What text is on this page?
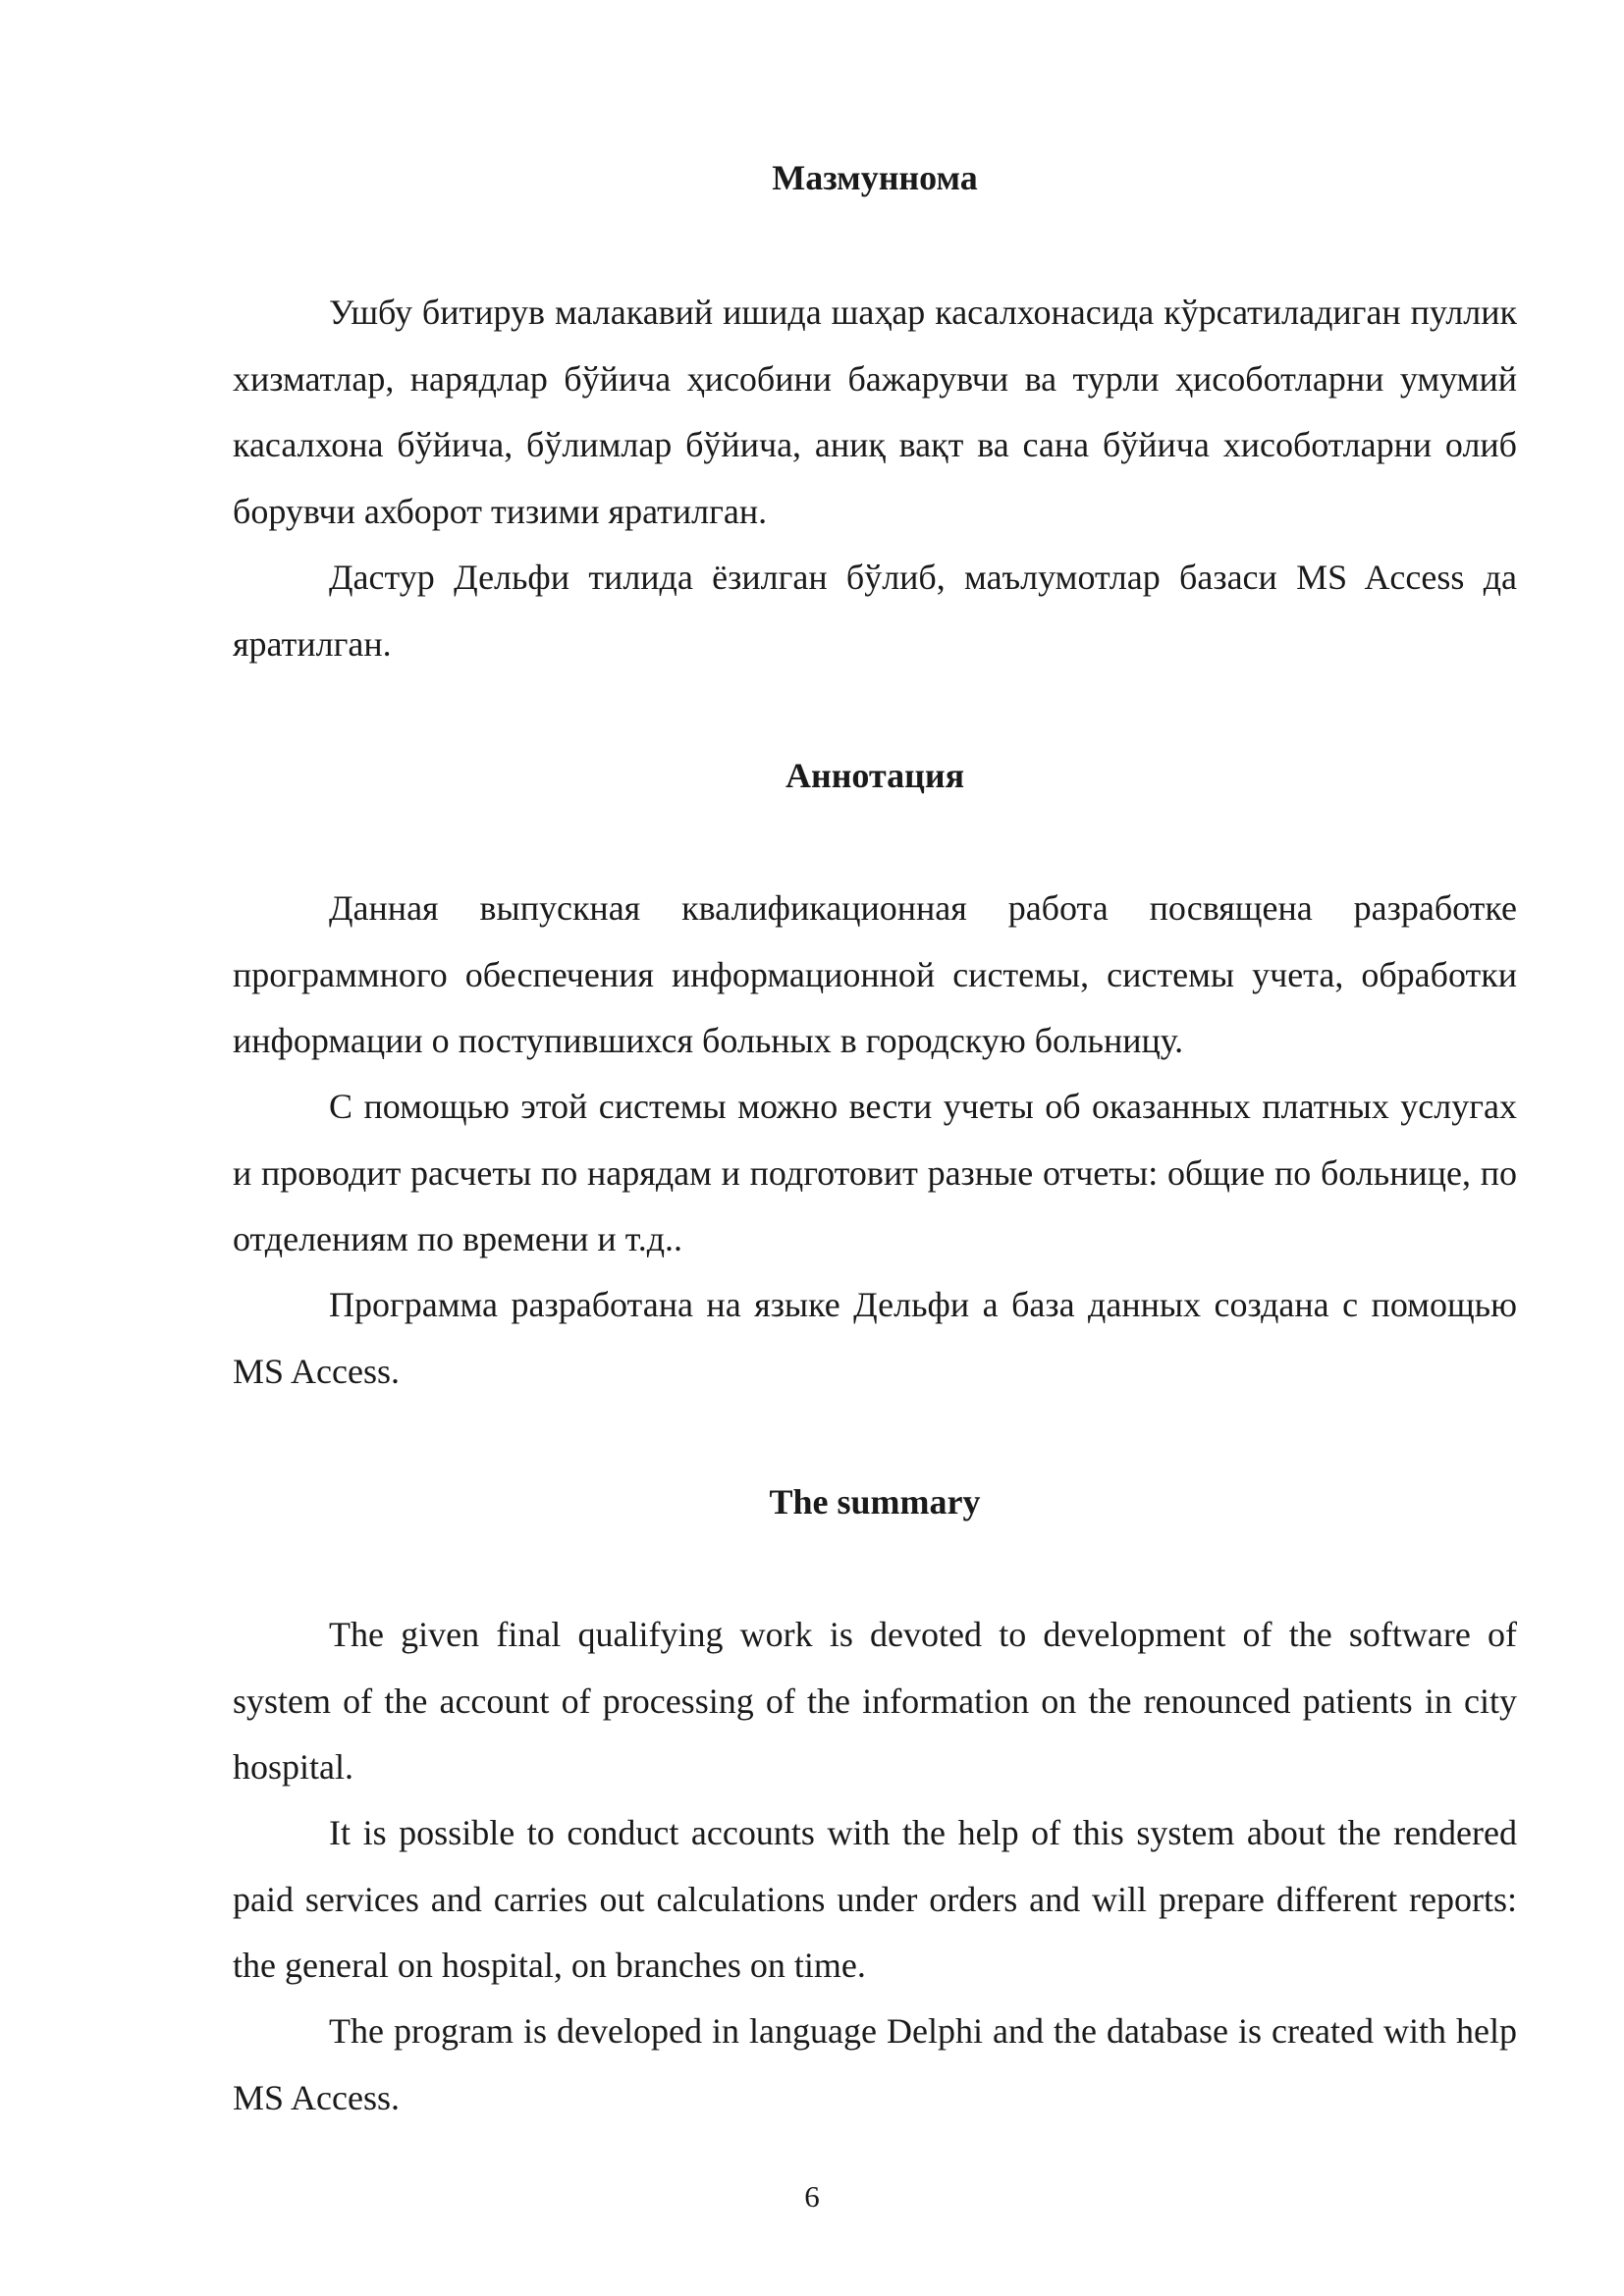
Мазмуннома

Ушбу битирув малакавий ишида шаҳар касалхонасида кўрсатиладиган пуллик хизматлар, нарядлар бўйича ҳисобини бажарувчи ва турли ҳисоботларни умумий касалхона бўйича, бўлимлар бўйича, аниқ вақт ва сана бўйича хисоботларни олиб борувчи ахборот тизими яратилган.

Дастур Дельфи тилида ёзилган бўлиб, маълумотлар базаси MS Access да яратилган.

Аннотация

Данная выпускная квалификационная работа посвящена разработке программного обеспечения информационной системы, системы учета, обработки информации о поступившихся больных в городскую больницу.

С помощью этой системы можно вести учеты об оказанных платных услугах и проводит расчеты по нарядам и подготовит разные отчеты: общие по больнице, по отделениям по времени и т.д..

Программа разработана на языке Дельфи а база данных создана с помощью MS Access.

The summary

The given final qualifying work is devoted to development of the software of system of the account of processing of the information on the renounced patients in city hospital.

It is possible to conduct accounts with the help of this system about the rendered paid services and carries out calculations under orders and will prepare different reports: the general on hospital, on branches on time.

The program is developed in language Delphi and the database is created with help MS Access.

6
